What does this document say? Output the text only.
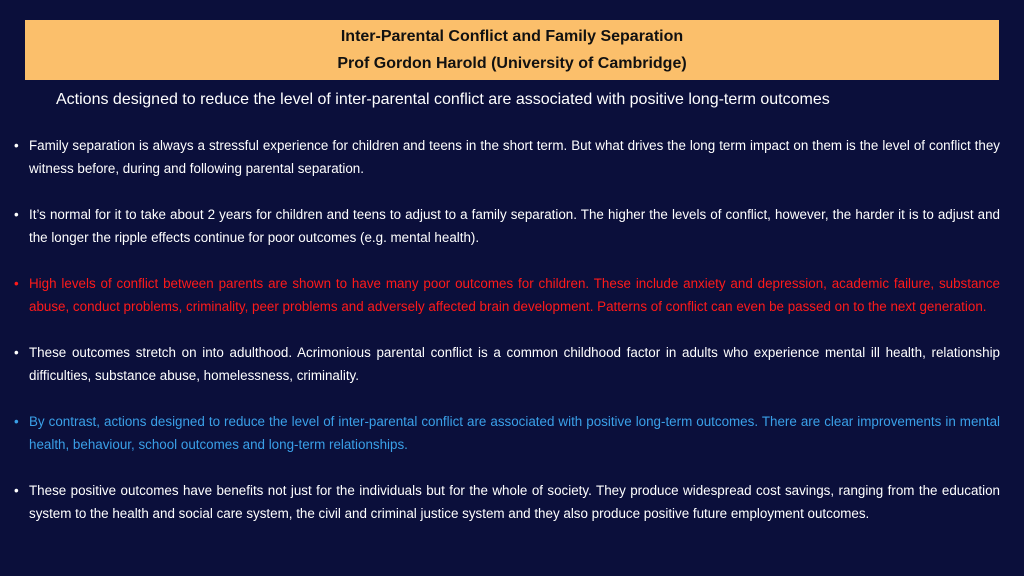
Inter-Parental Conflict and Family Separation
Prof Gordon Harold (University of Cambridge)
Actions designed to reduce the level of inter-parental conflict are associated with positive long-term outcomes
• Family separation is always a stressful experience for children and teens in the short term. But what drives the long term impact on them is the level of conflict they witness before, during and following parental separation.
• It’s normal for it to take about 2 years for children and teens to adjust to a family separation. The higher the levels of conflict, however, the harder it is to adjust and the longer the ripple effects continue for poor outcomes (e.g. mental health).
• High levels of conflict between parents are shown to have many poor outcomes for children. These include anxiety and depression, academic failure, substance abuse, conduct problems, criminality, peer problems and adversely affected brain development. Patterns of conflict can even be passed on to the next generation.
• These outcomes stretch on into adulthood. Acrimonious parental conflict is a common childhood factor in adults who experience mental ill health, relationship difficulties, substance abuse, homelessness, criminality.
• By contrast, actions designed to reduce the level of inter-parental conflict are associated with positive long-term outcomes. There are clear improvements in mental health, behaviour, school outcomes and long-term relationships.
• These positive outcomes have benefits not just for the individuals but for the whole of society. They produce widespread cost savings, ranging from the education system to the health and social care system, the civil and criminal justice system and they also produce positive future employment outcomes.
